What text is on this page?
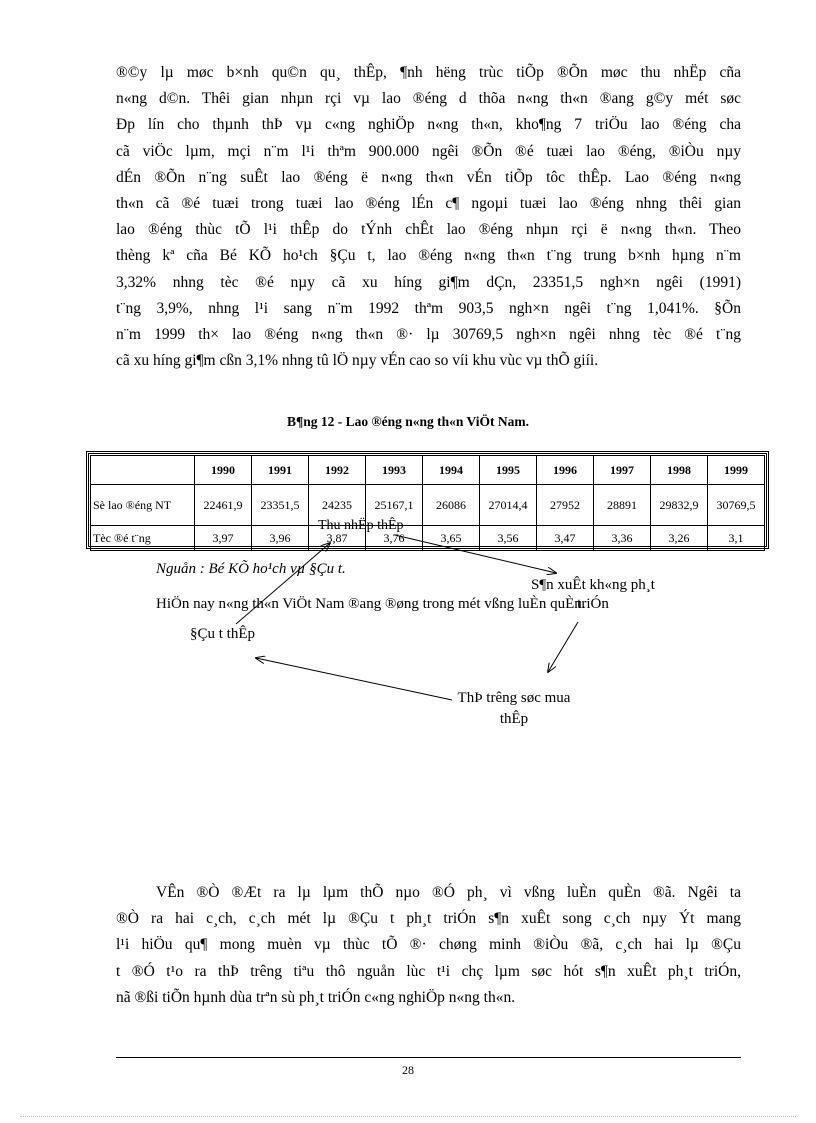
®©y lµ møc b×nh qu©n qu¸ thÊp, ¶nh hëng trùc tiÕp ®Õn møc thu nhËp cña
n«ng d©n. Thêi gian nhµn rçi vµ lao ®éng d thõa n«ng th«n ®ang g©y mét søc
Ðp lín cho thµnh thÞ vµ c«ng nghiÖp n«ng th«n, kho¶ng 7 triÖu lao ®éng cha
cã viÖc lµm, mçi n¨m l¹i thªm 900.000 ngêi ®Õn ®é tuæi lao ®éng, ®iÒu nµy
dÉn ®Õn n¨ng suÊt lao ®éng ë n«ng th«n vÉn tiÕp tôc thÊp. Lao ®éng n«ng
th«n cã ®é tuæi trong tuæi lao ®éng lÉn c¶ ngoµi tuæi lao ®éng nhng thêi gian
lao ®éng thùc tÕ l¹i thÊp do tÝnh chÊt lao ®éng nhµn rçi ë n«ng th«n. Theo
thèng kª cña Bé KÕ ho¹ch §Çu t, lao ®éng n«ng th«n t¨ng trung b×nh hµng n¨m
3,32% nhng tèc ®é nµy cã xu híng gi¶m dÇn, 23351,5 ngh×n ngêi (1991)
t¨ng 3,9%, nhng l¹i sang n¨m 1992 thªm 903,5 ngh×n ngêi t¨ng 1,041%. §Õn
n¨m 1999 th× lao ®éng n«ng th«n ®· lµ 30769,5 ngh×n ngêi nhng tèc ®é t¨ng
cã xu híng gi¶m cßn 3,1% nhng tû lÖ nµy vÉn cao so víi khu vùc vµ thÕ giíi.
B¶ng 12 - Lao ®éng n«ng th«n ViÖt Nam.
	1990	1991	1992	1993	1994	1995	1996	1997	1998	1999
Sè lao ®éng NT	22461,9	23351,5	24235	25167,1	26086	27014,4	27952	28891	29832,9	30769,5
Tèc ®é t¨ng	3,97	3,96	3,87	3,76	3,65	3,56	3,47	3,36	3,26	3,1
Nguån : Bé KÕ ho¹ch vµ §Çu t.
Thu nhËp thÊp
S¶n xuÊt kh«ng ph¸t triÓn
HiÖn nay n«ng th«n ViÖt Nam ®ang ®øng trong mét vßng luÈn quÈn.
§Çu t thÊp
ThÞ trêng søc mua thÊp
VÊn ®Ò ®Æt ra lµ lµm thÕ nµo ®Ó ph¸ vì vßng luÈn quÈn ®ã. Ngêi ta
®Ò ra hai c¸ch, c¸ch mét lµ ®Çu t ph¸t triÓn s¶n xuÊt song c¸ch nµy Ýt mang
l¹i hiÖu qu¶ mong muèn vµ thùc tÕ ®· chøng minh ®iÒu ®ã, c¸ch hai lµ ®Çu
t ®Ó t¹o ra thÞ trêng tiªu thô nguån lùc t¹i chç lµm søc hót s¶n xuÊt ph¸t triÓn,
nã ®ßi tiÕn hµnh dùa trªn sù ph¸t triÓn c«ng nghiÖp n«ng th«n.
28
